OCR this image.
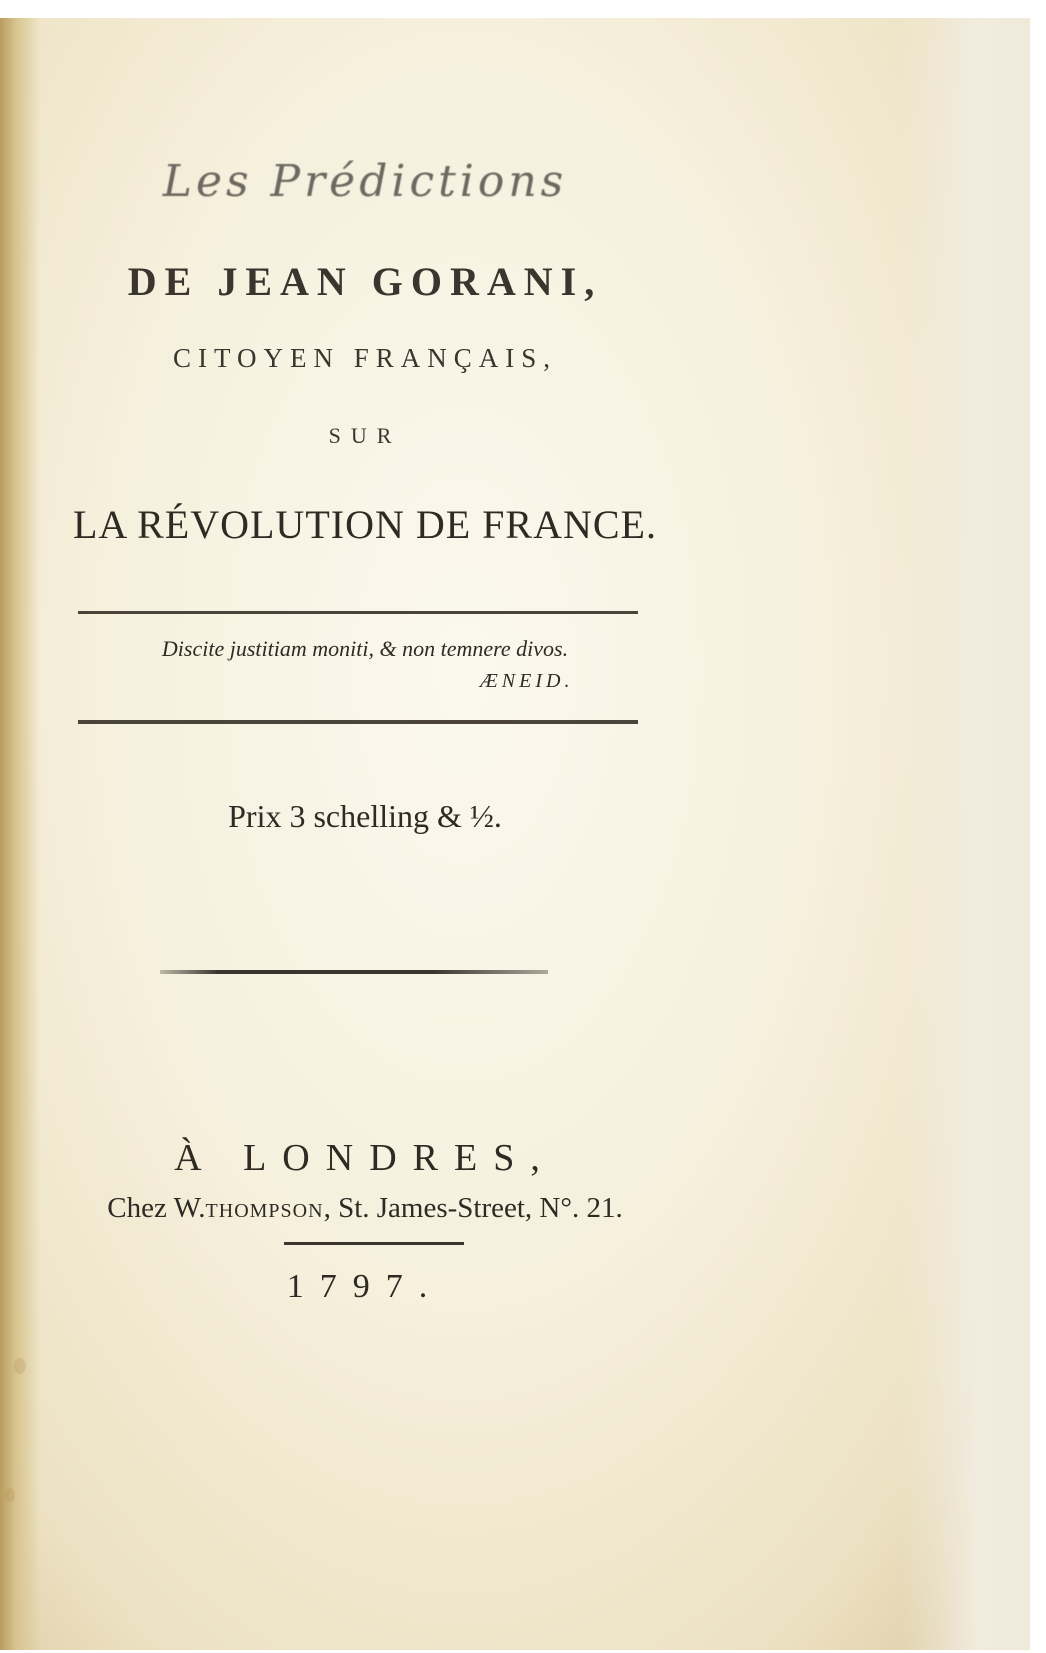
Les Prédictions
DE JEAN GORANI,
CITOYEN FRANÇAIS,
SUR
LA RÉVOLUTION DE FRANCE.
Discite justitiam moniti, & non temnere divos.
ÆNEID.
Prix 3 schelling & ½.
À LONDRES,
Chez W.THOMPSON, St. James-Street, N°. 21.
1797.
